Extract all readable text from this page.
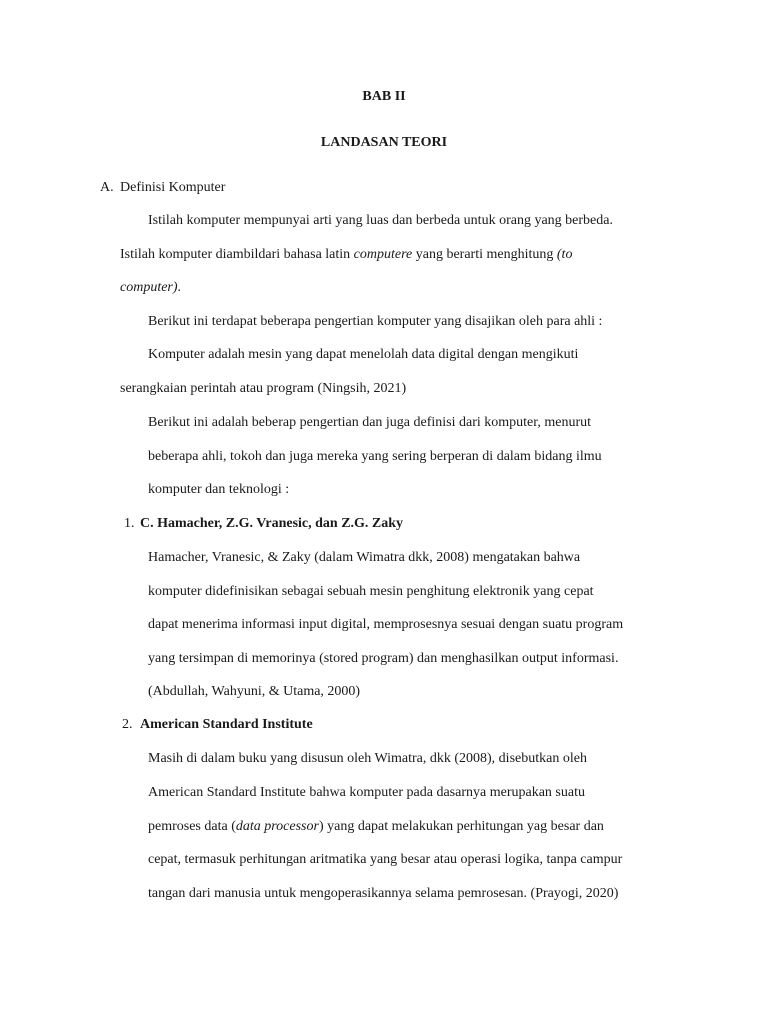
BAB II
LANDASAN TEORI
A. Definisi Komputer
Istilah komputer mempunyai arti yang luas dan berbeda untuk orang yang berbeda.
Istilah komputer diambildari bahasa latin computere yang berarti menghitung (to
computer).
Berikut ini terdapat beberapa pengertian komputer yang disajikan oleh para ahli :
Komputer adalah mesin yang dapat menelolah data digital dengan mengikuti
serangkaian perintah atau program (Ningsih, 2021)
Berikut ini adalah beberap pengertian dan juga definisi dari komputer, menurut
beberapa ahli, tokoh dan juga mereka yang sering berperan di dalam bidang ilmu
komputer dan teknologi :
1. C. Hamacher, Z.G. Vranesic, dan Z.G. Zaky
Hamacher, Vranesic, & Zaky (dalam Wimatra dkk, 2008) mengatakan bahwa
komputer didefinisikan sebagai sebuah mesin penghitung elektronik yang cepat
dapat menerima informasi input digital, memprosesnya sesuai dengan suatu program
yang tersimpan di memorinya (stored program) dan menghasilkan output informasi.
(Abdullah, Wahyuni, & Utama, 2000)
2. American Standard Institute
Masih di dalam buku yang disusun oleh Wimatra, dkk (2008), disebutkan oleh
American Standard Institute bahwa komputer pada dasarnya merupakan suatu
pemroses data (data processor) yang dapat melakukan perhitungan yag besar dan
cepat, termasuk perhitungan aritmatika yang besar atau operasi logika, tanpa campur
tangan dari manusia untuk mengoperasikannya selama pemrosesan. (Prayogi, 2020)
